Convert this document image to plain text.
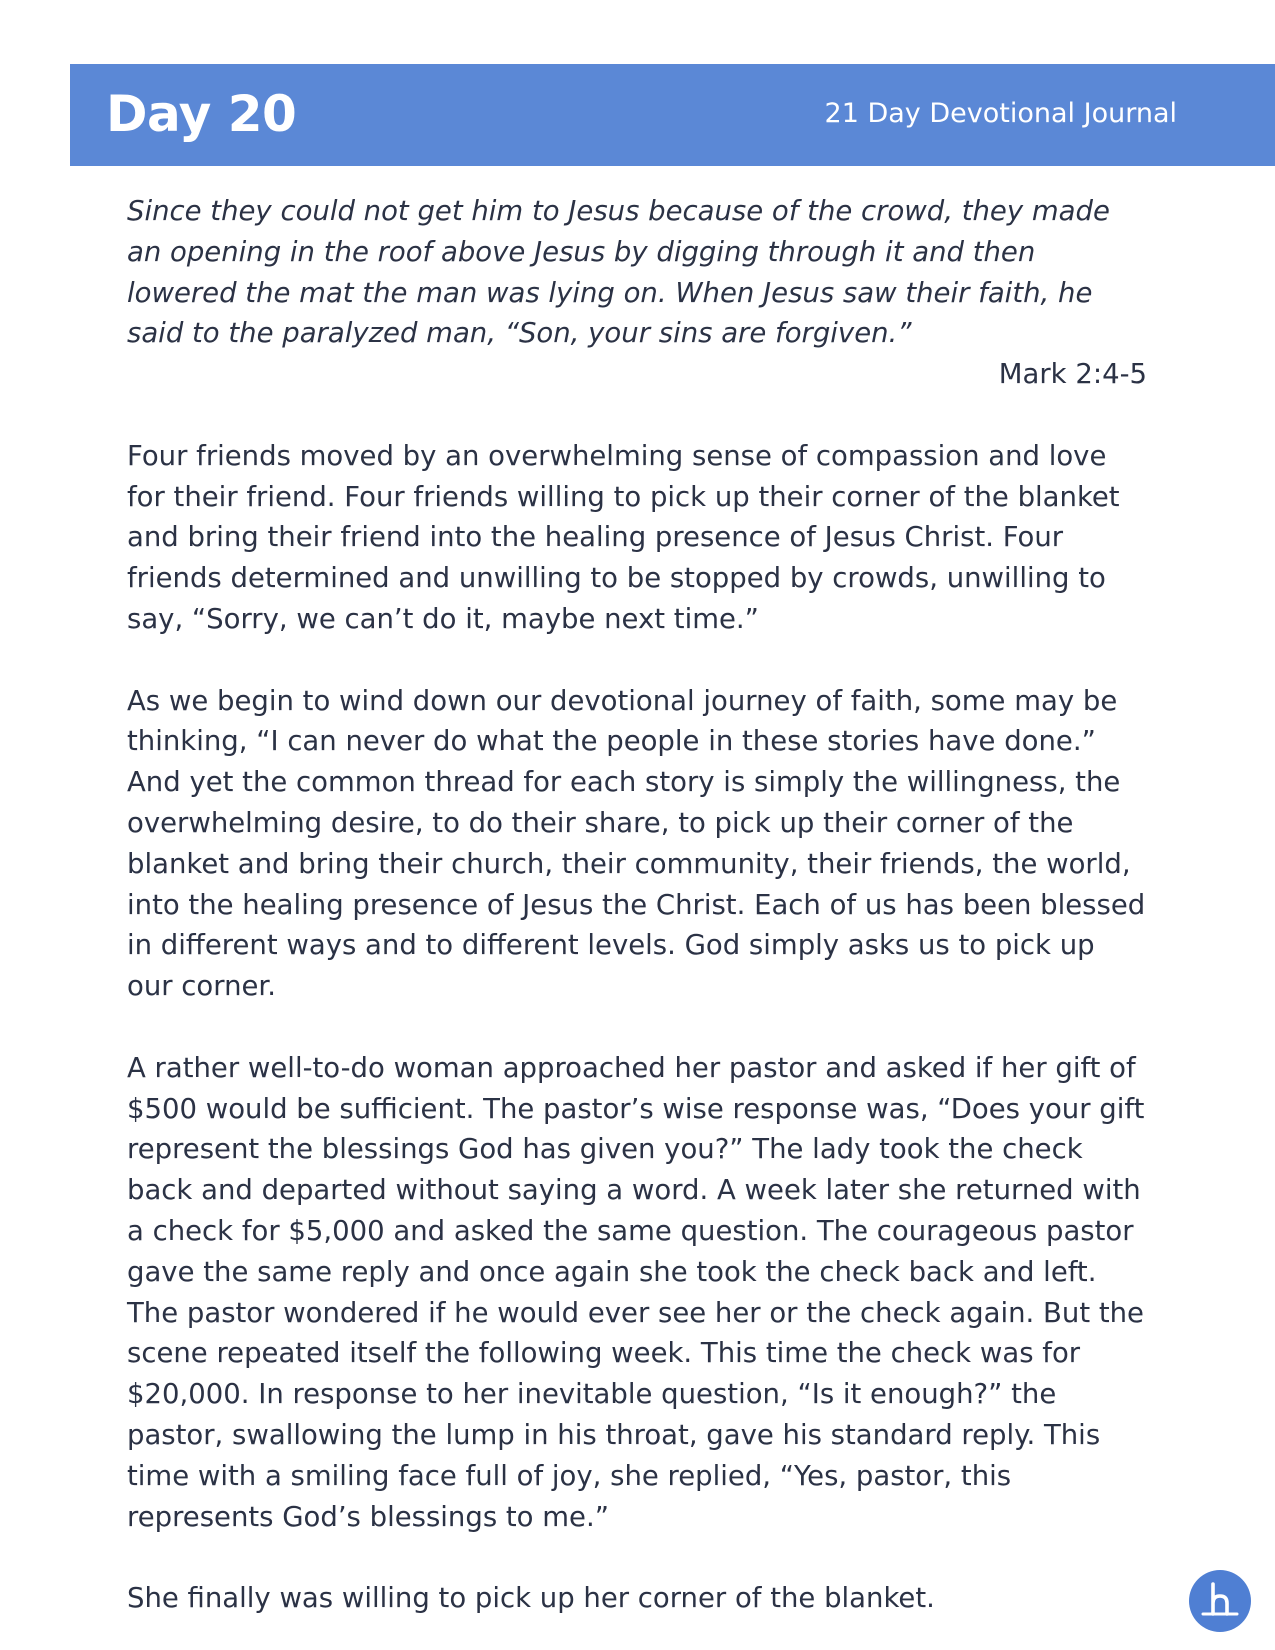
Day 20	21 Day Devotional Journal

Since they could not get him to Jesus because of the crowd, they made an opening in the roof above Jesus by digging through it and then lowered the mat the man was lying on. When Jesus saw their faith, he said to the paralyzed man, “Son, your sins are forgiven.”

Mark 2:4-5

Four friends moved by an overwhelming sense of compassion and love for their friend. Four friends willing to pick up their corner of the blanket and bring their friend into the healing presence of Jesus Christ. Four friends determined and unwilling to be stopped by crowds, unwilling to say, “Sorry, we can’t do it, maybe next time.”

As we begin to wind down our devotional journey of faith, some may be thinking, “I can never do what the people in these stories have done.” And yet the common thread for each story is simply the willingness, the overwhelming desire, to do their share, to pick up their corner of the blanket and bring their church, their community, their friends, the world, into the healing presence of Jesus the Christ. Each of us has been blessed in different ways and to different levels. God simply asks us to pick up our corner.

A rather well-to-do woman approached her pastor and asked if her gift of $500 would be sufficient. The pastor’s wise response was, “Does your gift represent the blessings God has given you?” The lady took the check back and departed without saying a word. A week later she returned with a check for $5,000 and asked the same question. The courageous pastor gave the same reply and once again she took the check back and left. The pastor wondered if he would ever see her or the check again. But the scene repeated itself the following week. This time the check was for $20,000. In response to her inevitable question, “Is it enough?” the pastor, swallowing the lump in his throat, gave his standard reply. This time with a smiling face full of joy, she replied, “Yes, pastor, this represents God’s blessings to me.”

She finally was willing to pick up her corner of the blanket.
